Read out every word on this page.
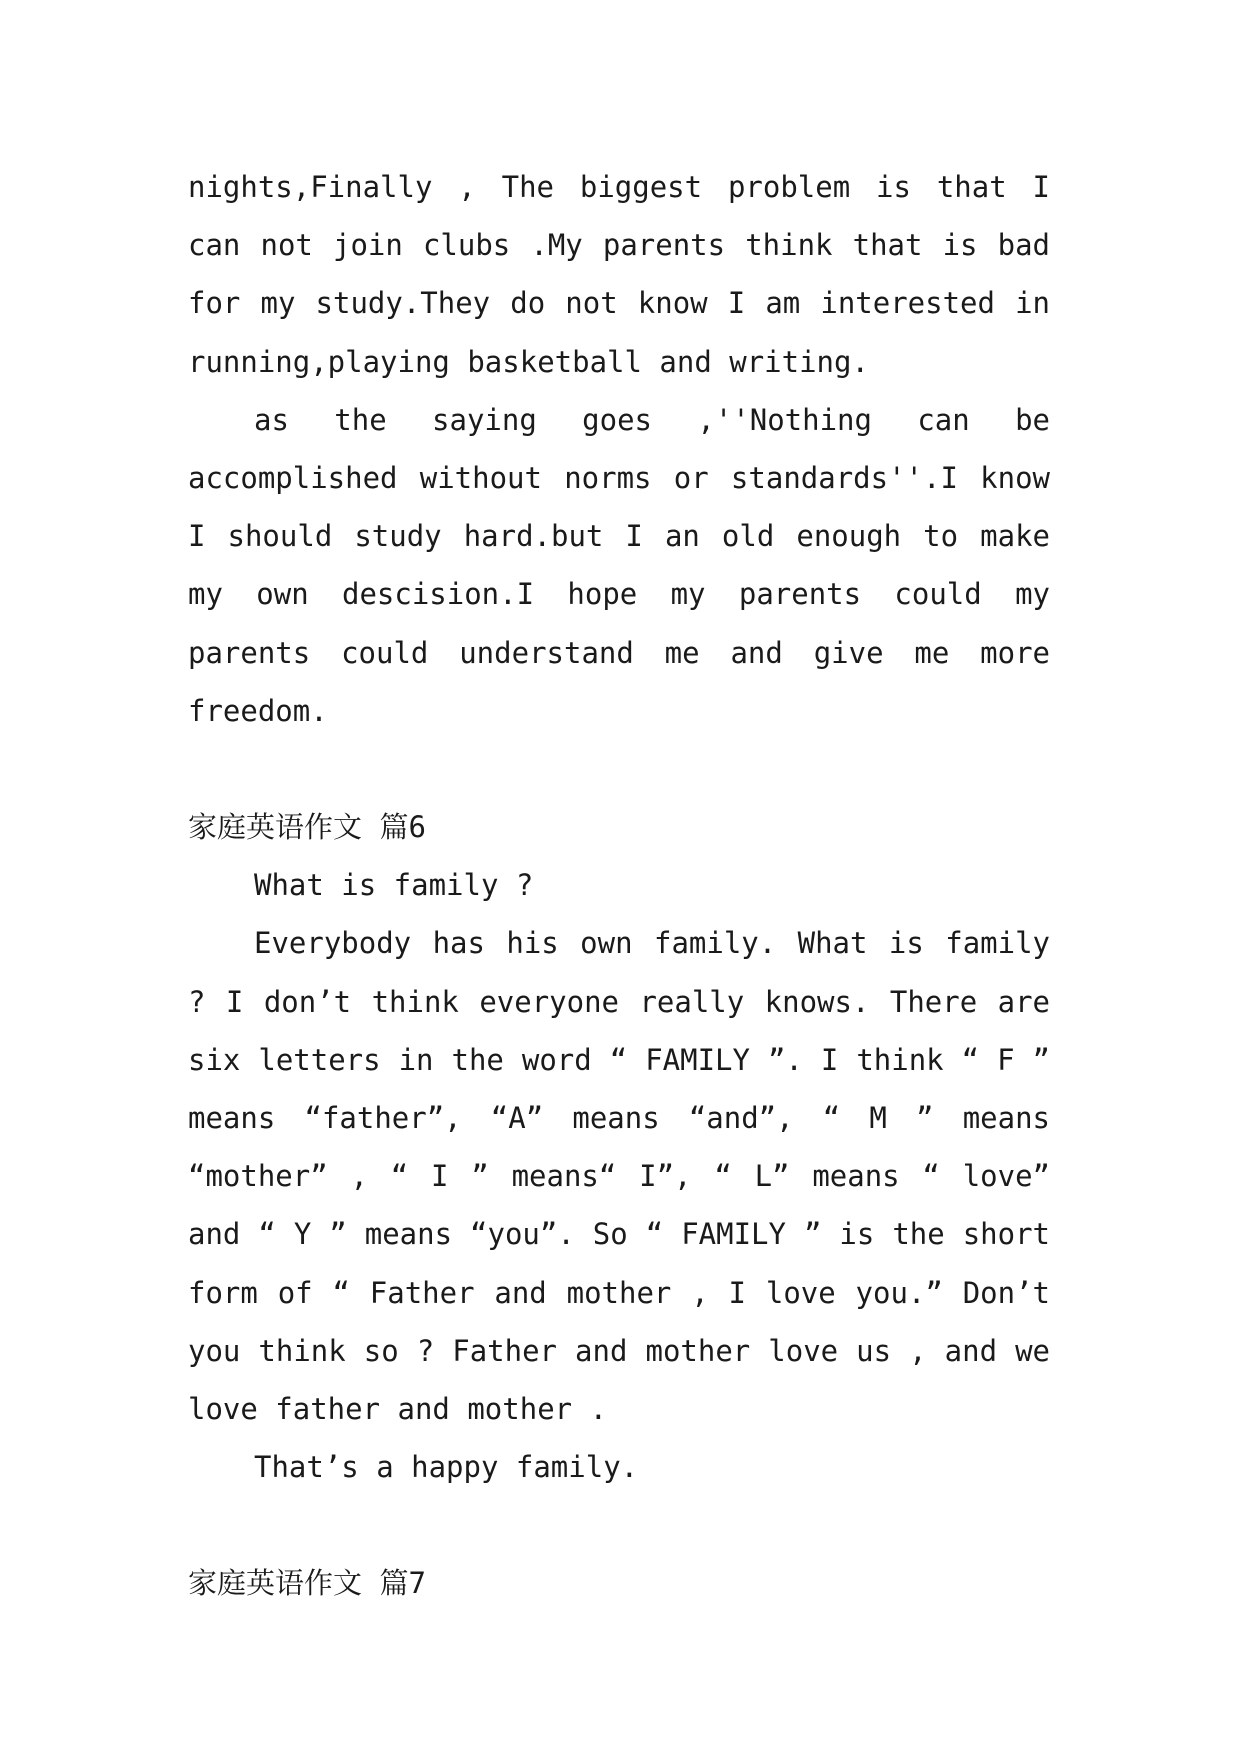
nights,Finally , The biggest problem is that I can not join clubs .My parents think that is bad for my study.They do not know I am interested in running,playing basketball and writing.

as the saying goes ,''Nothing can be accomplished without norms or standards''.I know I should study hard.but I an old enough to make my own descision.I hope my parents could my parents could understand me and give me more freedom.

家庭英语作文 篇6

What is family ?

Everybody has his own family. What is family ? I don’t think everyone really knows. There are six letters in the word “ FAMILY ”. I think “ F ” means “father”, “A” means “and”, “ M ” means “mother” , “ I ” means“ I”, “ L” means “ love” and “ Y ” means “you”. So “ FAMILY ” is the short form of “ Father and mother , I love you.” Don’t you think so ? Father and mother love us , and we love father and mother .

That’s a happy family.

家庭英语作文 篇7
